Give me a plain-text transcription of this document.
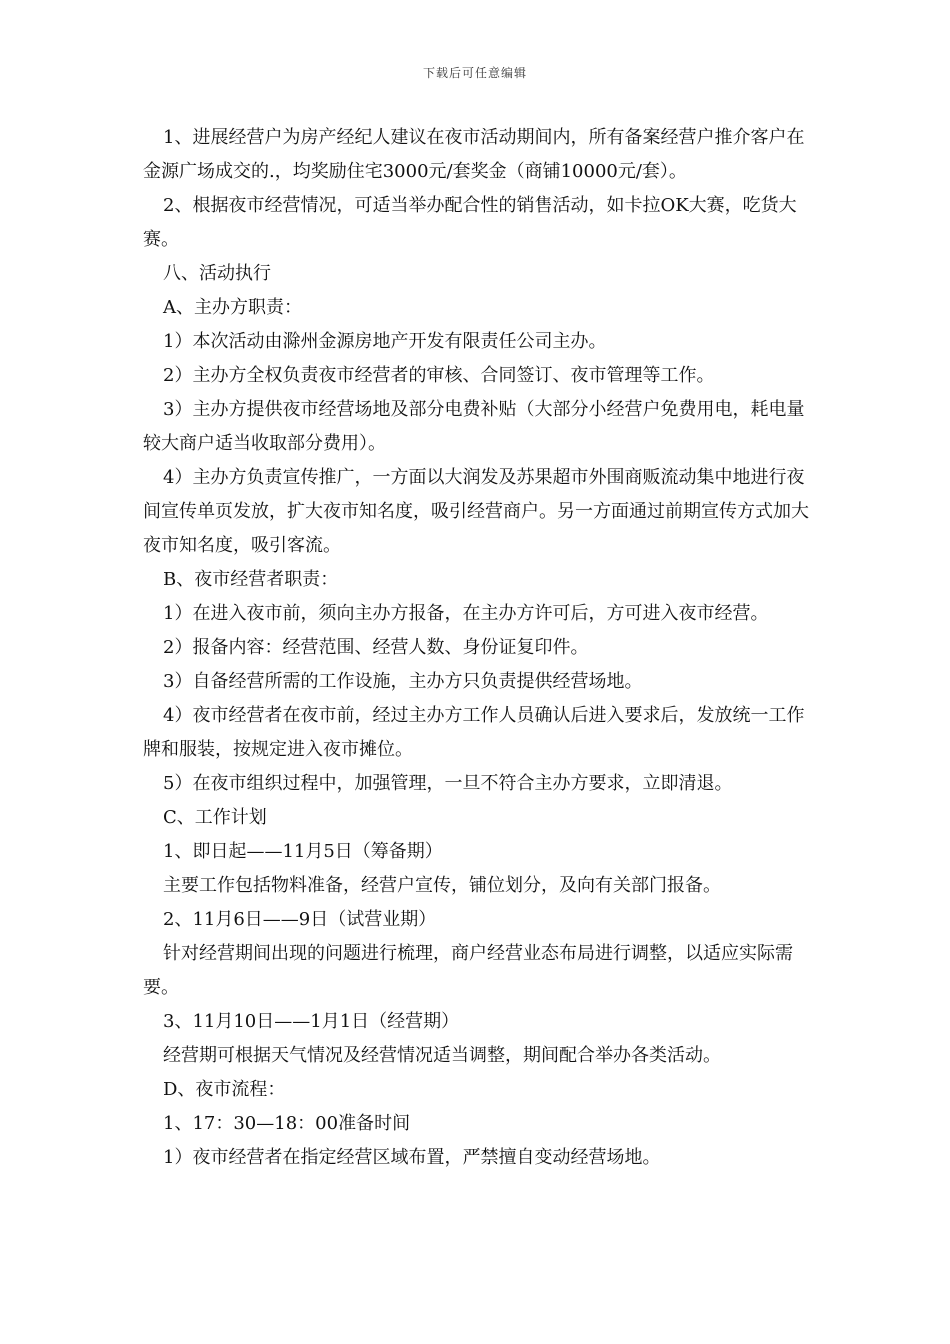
下载后可任意编辑

1、进展经营户为房产经纪人建议在夜市活动期间内，所有备案经营户推介客户在金源广场成交的.，均奖励住宅3000元/套奖金（商铺10000元/套）。

2、根据夜市经营情况，可适当举办配合性的销售活动，如卡拉OK大赛，吃货大赛。

八、活动执行

A、主办方职责：

1）本次活动由滁州金源房地产开发有限责任公司主办。

2）主办方全权负责夜市经营者的审核、合同签订、夜市管理等工作。

3）主办方提供夜市经营场地及部分电费补贴（大部分小经营户免费用电，耗电量较大商户适当收取部分费用）。

4）主办方负责宣传推广，一方面以大润发及苏果超市外围商贩流动集中地进行夜间宣传单页发放，扩大夜市知名度，吸引经营商户。另一方面通过前期宣传方式加大夜市知名度，吸引客流。

B、夜市经营者职责：

1）在进入夜市前，须向主办方报备，在主办方许可后，方可进入夜市经营。

2）报备内容：经营范围、经营人数、身份证复印件。

3）自备经营所需的工作设施，主办方只负责提供经营场地。

4）夜市经营者在夜市前，经过主办方工作人员确认后进入要求后，发放统一工作牌和服装，按规定进入夜市摊位。

5）在夜市组织过程中，加强管理，一旦不符合主办方要求，立即清退。

C、工作计划

1、即日起——11月5日（筹备期）

主要工作包括物料准备，经营户宣传，铺位划分，及向有关部门报备。

2、11月6日——9日（试营业期）

针对经营期间出现的问题进行梳理，商户经营业态布局进行调整，以适应实际需要。

3、11月10日——1月1日（经营期）

经营期可根据天气情况及经营情况适当调整，期间配合举办各类活动。

D、夜市流程：

1、17：30—18：00准备时间

1）夜市经营者在指定经营区域布置，严禁擅自变动经营场地。
